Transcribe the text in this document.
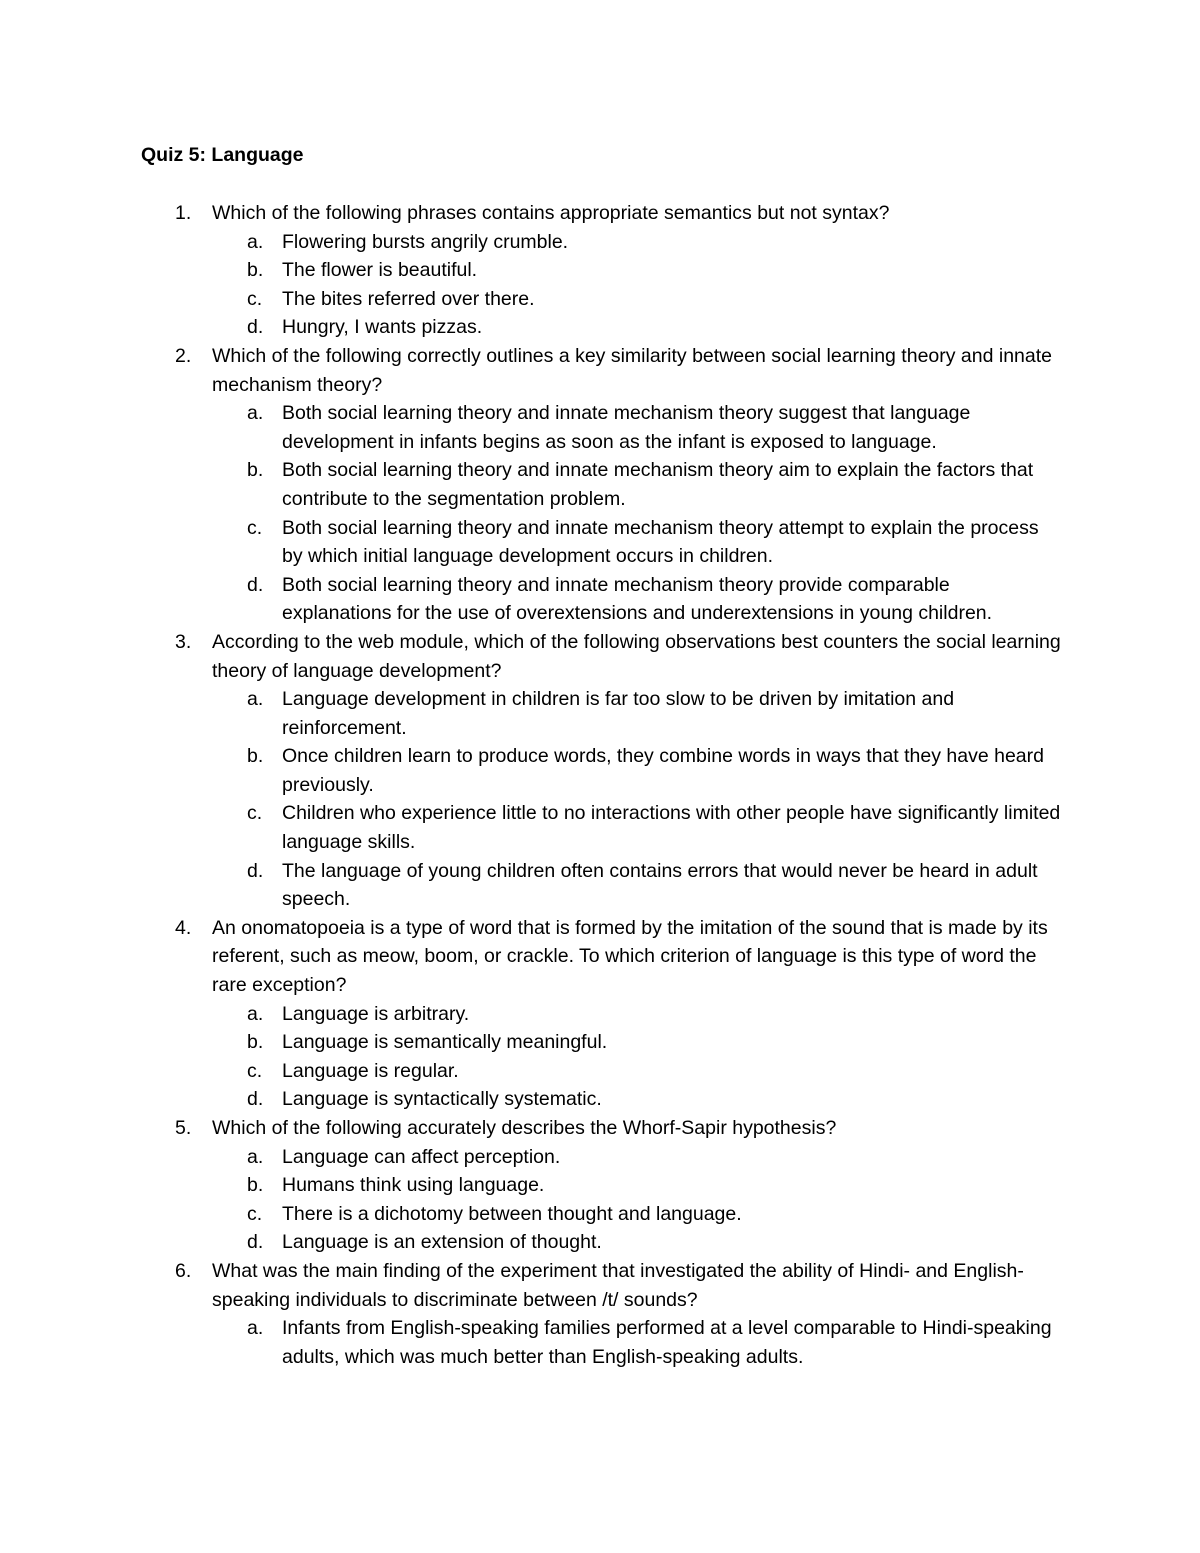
Quiz 5: Language
1.	Which of the following phrases contains appropriate semantics but not syntax?
a. Flowering bursts angrily crumble.
b. The flower is beautiful.
c.	The bites referred over there.
d. Hungry, I wants pizzas.
2.	Which of the following correctly outlines a key similarity between social learning theory and innate mechanism theory?
a. Both social learning theory and innate mechanism theory suggest that language development in infants begins as soon as the infant is exposed to language.
b. Both social learning theory and innate mechanism theory aim to explain the factors that contribute to the segmentation problem.
c.	Both social learning theory and innate mechanism theory attempt to explain the process by which initial language development occurs in children.
d. Both social learning theory and innate mechanism theory provide comparable explanations for the use of overextensions and underextensions in young children.
3.	According to the web module, which of the following observations best counters the social learning theory of language development?
a. Language development in children is far too slow to be driven by imitation and reinforcement.
b. Once children learn to produce words, they combine words in ways that they have heard previously.
c.	Children who experience little to no interactions with other people have significantly limited language skills.
d. The language of young children often contains errors that would never be heard in adult speech.
4.	An onomatopoeia is a type of word that is formed by the imitation of the sound that is made by its referent, such as meow, boom, or crackle. To which criterion of language is this type of word the rare exception?
a. Language is arbitrary.
b. Language is semantically meaningful.
c.	Language is regular.
d. Language is syntactically systematic.
5.	Which of the following accurately describes the Whorf-Sapir hypothesis?
a. Language can affect perception.
b. Humans think using language.
c.	There is a dichotomy between thought and language.
d. Language is an extension of thought.
6.	What was the main finding of the experiment that investigated the ability of Hindi- and English-speaking individuals to discriminate between /t/ sounds?
a. Infants from English-speaking families performed at a level comparable to Hindi-speaking adults, which was much better than English-speaking adults.
